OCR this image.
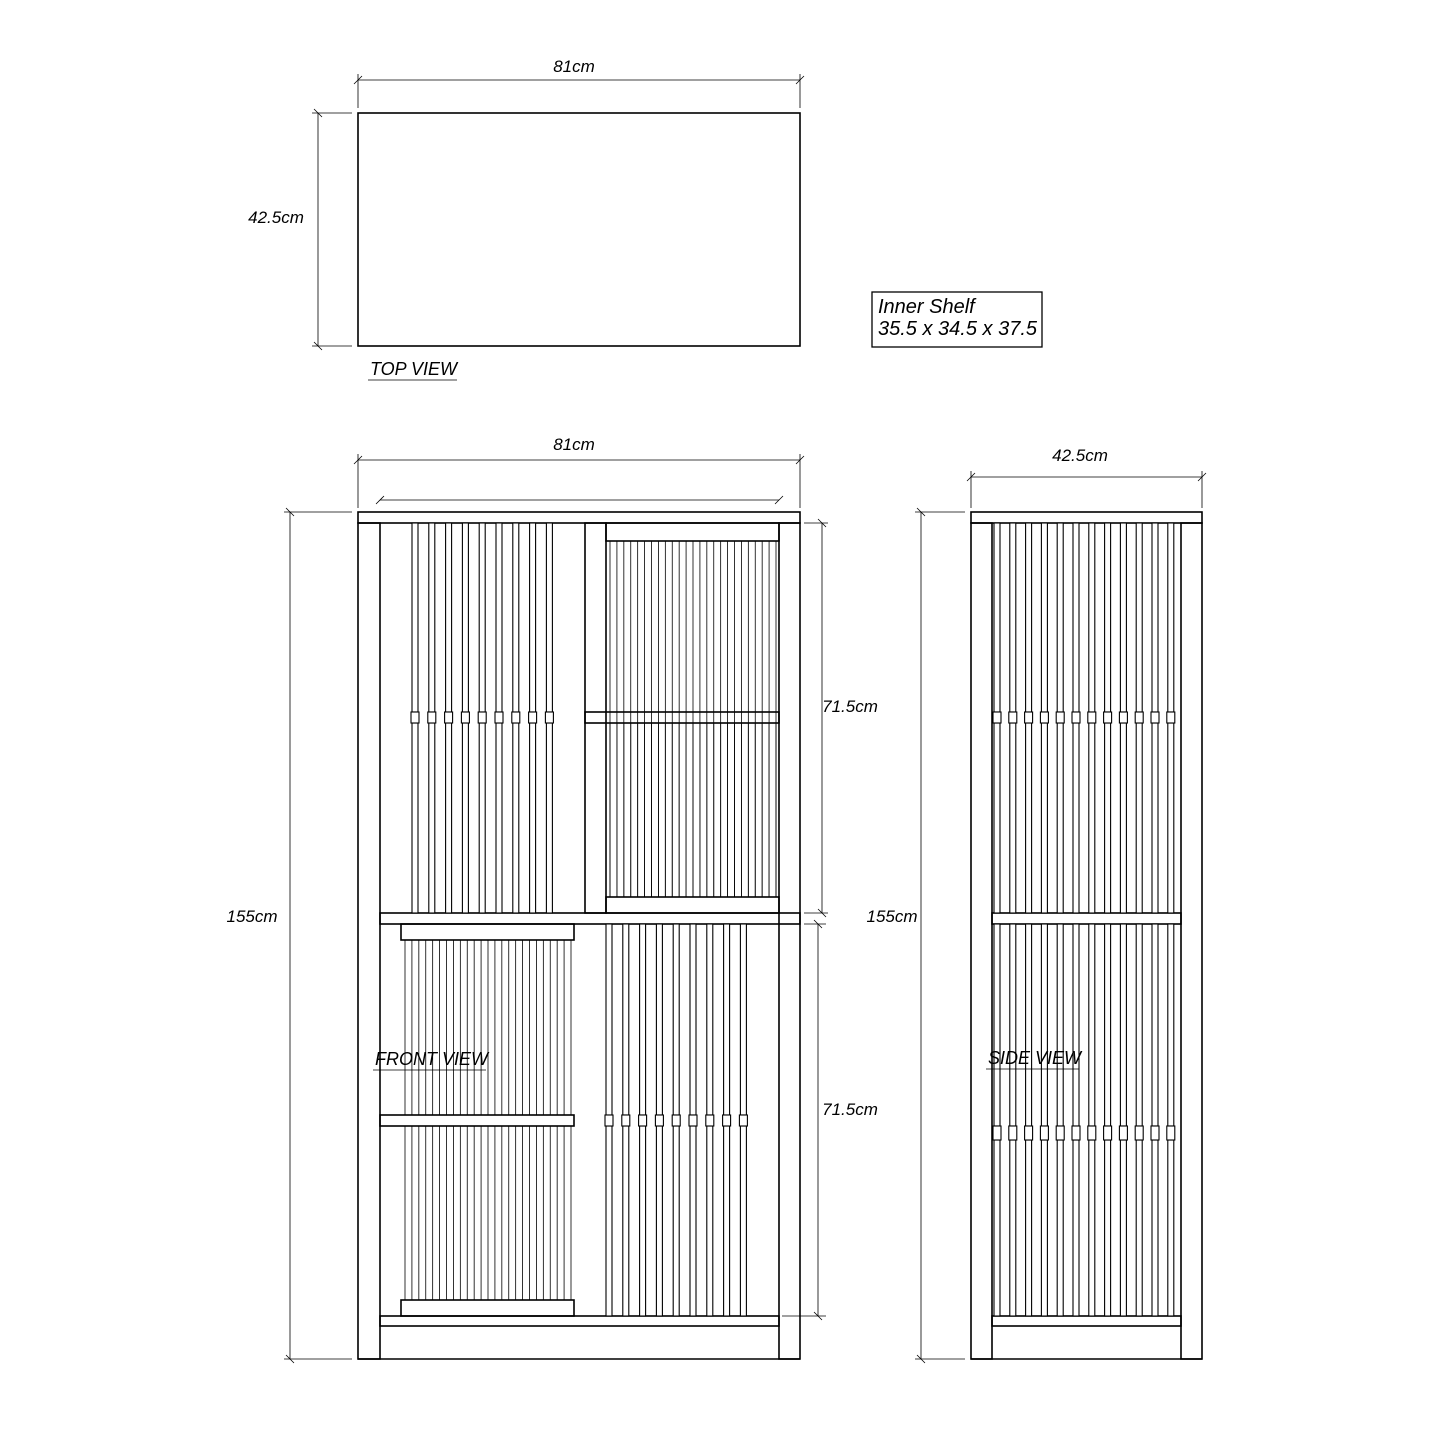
81cm
42.5cm
TOP VIEW
Inner Shelf
35.5 x 34.5 x 37.5
81cm
155cm
71.5cm
71.5cm
FRONT VIEW
42.5cm
155cm
SIDE VIEW
